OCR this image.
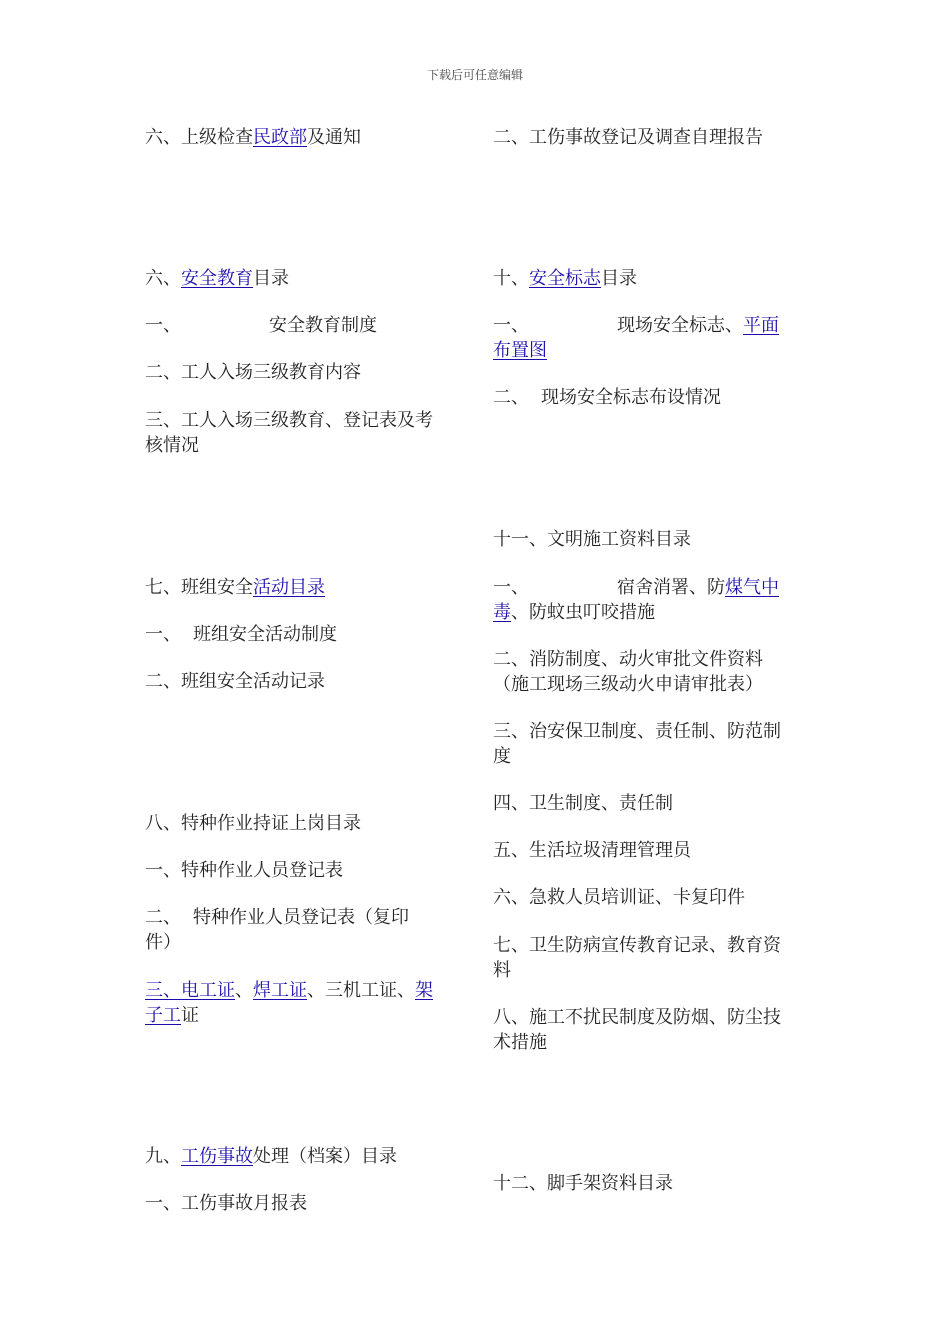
下载后可任意编辑
六、上级检查民政部及通知
六、安全教育目录
一、	安全教育制度
二、工人入场三级教育内容
三、工人入场三级教育、登记表及考
核情况
七、班组安全活动目录
一、 班组安全活动制度
二、班组安全活动记录
八、特种作业持证上岗目录
一、特种作业人员登记表
二、 特种作业人员登记表（复印
件）
三、电工证、焊工证、三机工证、架
子工证
九、工伤事故处理（档案）目录
一、工伤事故月报表
二、工伤事故登记及调查自理报告
十、安全标志目录
一、	现场安全标志、平面
布置图
二、 现场安全标志布设情况
十一、文明施工资料目录
一、	宿舍消署、防煤气中
毒、防蚊虫叮咬措施
二、消防制度、动火审批文件资料
（施工现场三级动火申请审批表）
三、治安保卫制度、责任制、防范制
度
四、卫生制度、责任制
五、生活垃圾清理管理员
六、急救人员培训证、卡复印件
七、卫生防病宣传教育记录、教育资
料
八、施工不扰民制度及防烟、防尘技
术措施
十二、脚手架资料目录
